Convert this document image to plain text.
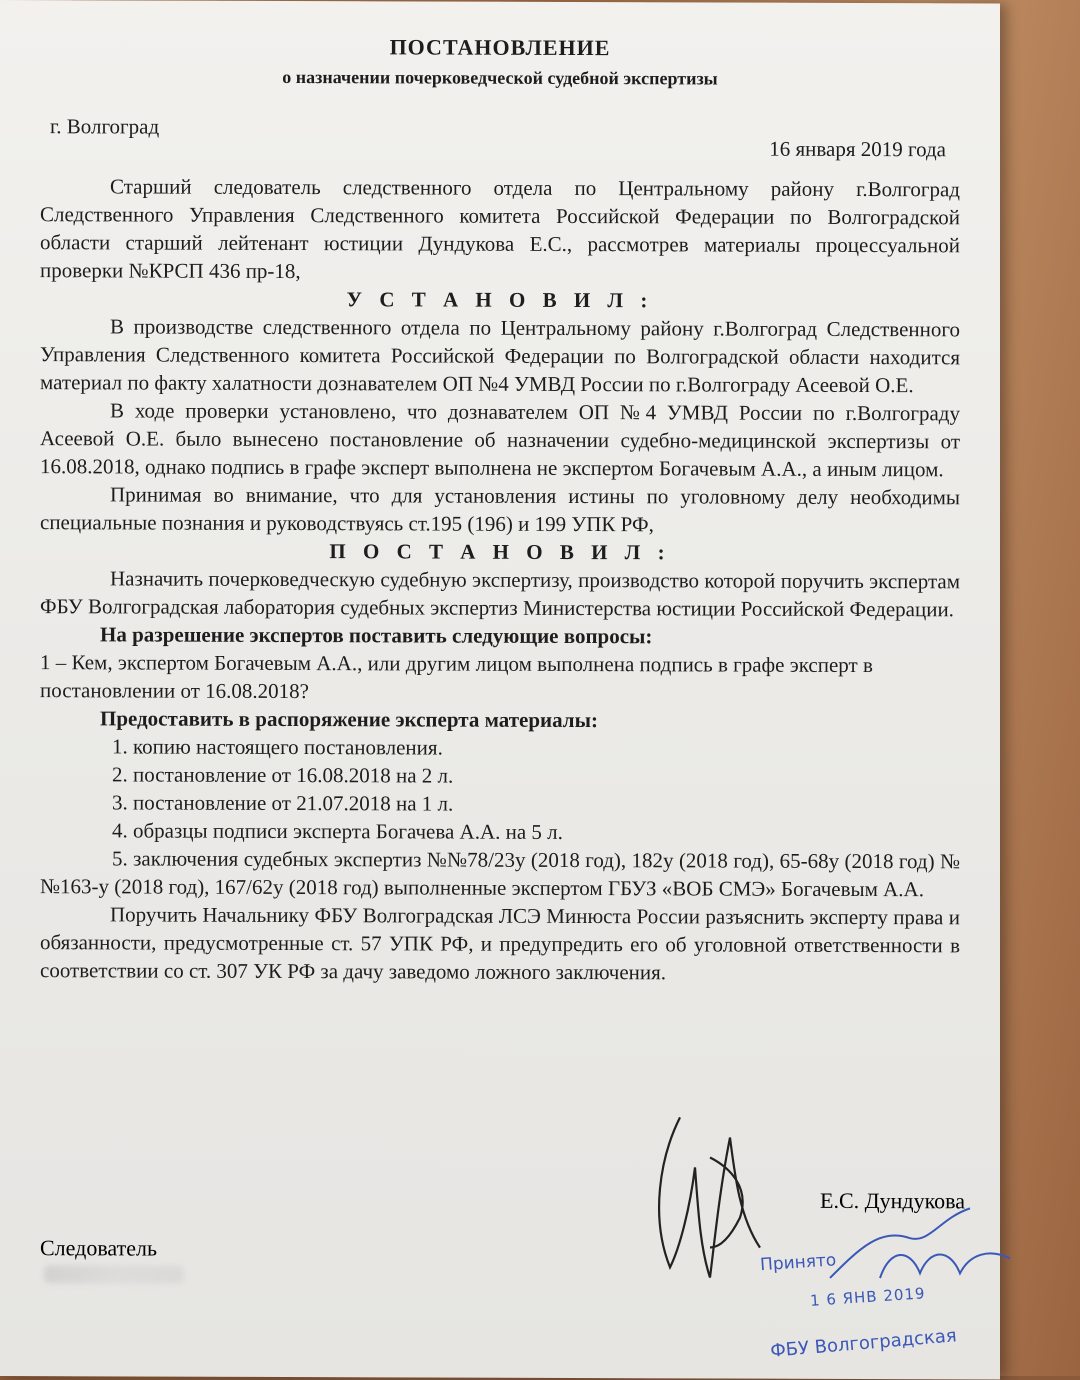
ПОСТАНОВЛЕНИЕ
о назначении почерковедческой судебной экспертизы
г. Волгоград
16 января 2019 года

Старший следователь следственного отдела по Центральному району г.Волгоград Следственного Управления Следственного комитета Российской Федерации по Волгоградской области старший лейтенант юстиции Дундукова Е.С., рассмотрев материалы процессуальной проверки №КРСП 436 пр-18,

У С Т А Н О В И Л :

В производстве следственного отдела по Центральному району г.Волгоград Следственного Управления Следственного комитета Российской Федерации по Волгоградской области находится материал по факту халатности дознавателем ОП №4 УМВД России по г.Волгограду Асеевой О.Е.

В ходе проверки установлено, что дознавателем ОП №4 УМВД России по г.Волгограду Асеевой О.Е. было вынесено постановление об назначении судебно-медицинской экспертизы от 16.08.2018, однако подпись в графе эксперт выполнена не экспертом Богачевым А.А., а иным лицом.

Принимая во внимание, что для установления истины по уголовному делу необходимы специальные познания и руководствуясь ст.195 (196) и 199 УПК РФ,

П О С Т А Н О В И Л :

Назначить почерковедческую судебную экспертизу, производство которой поручить экспертам ФБУ Волгоградская лаборатория судебных экспертиз Министерства юстиции Российской Федерации.

На разрешение экспертов поставить следующие вопросы:

1 – Кем, экспертом Богачевым А.А., или другим лицом выполнена подпись в графе эксперт в постановлении от 16.08.2018?

Предоставить в распоряжение эксперта материалы:

1. копию настоящего постановления.
2. постановление от 16.08.2018 на 2 л.
3. постановление от 21.07.2018 на 1 л.
4. образцы подписи эксперта Богачева А.А. на 5 л.

5. заключения судебных экспертиз №№78/23у (2018 год), 182у (2018 год), 65-68у (2018 год) №№163-у (2018 год), 167/62у (2018 год) выполненные экспертом ГБУЗ «ВОБ СМЭ» Богачевым А.А.

Поручить Начальнику ФБУ Волгоградская ЛСЭ Минюста России разъяснить эксперту права и обязанности, предусмотренные ст. 57 УПК РФ, и предупредить его об уголовной ответственности в соответствии со ст. 307 УК РФ за дачу заведомо ложного заключения.

Следователь
Е.С. Дундукова
Принято
1 6 ЯНВ 2019
ФБУ Волгоградская
